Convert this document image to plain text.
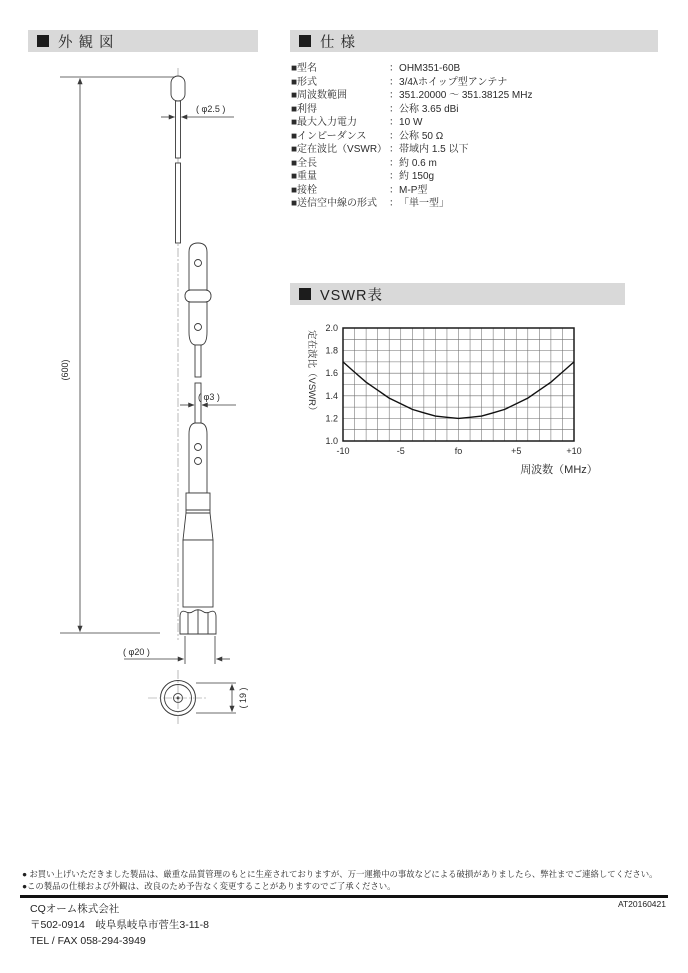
外 観 図	仕 様
VSWR表
■ 型名	： OHM351-60B
■ 形式	： 3/4λホイップ型アンテナ
■ 周波数範囲	： 351.20000 ～ 351.38125 MHz
■ 利得	： 公称 3.65 dBi
■ 最大入力電力	： 10 W
■ インピーダンス	： 公称 50 Ω
■ 定在波比（VSWR） ： 帯域内 1.5 以下
■ 全長	： 約 0.6 m
■ 重量	： 約 150g
■ 接栓	： M-P型
■ 送信空中線の形式	： 「単一型」
(600)
( φ2.5 )
( φ3 )
( φ20 )
( 19 )
2.0
1.8
1.6
1.4
1.2
1.0
-10	-5	fo	+5	+10
周波数（MHz）
定在波比（VSWR）
● お買い上げいただきました製品は、厳重な品質管理のもとに生産されておりますが、万一運搬中の事故などによる破損がありましたら、弊社までご連絡してください。
●この製品の仕様および外観は、改良のため予告なく変更することがありますのでご了承ください。
AT20160421
CQオーム株式会社
〒502-0914　岐阜県岐阜市菅生3-11-8
TEL / FAX 058-294-3949
